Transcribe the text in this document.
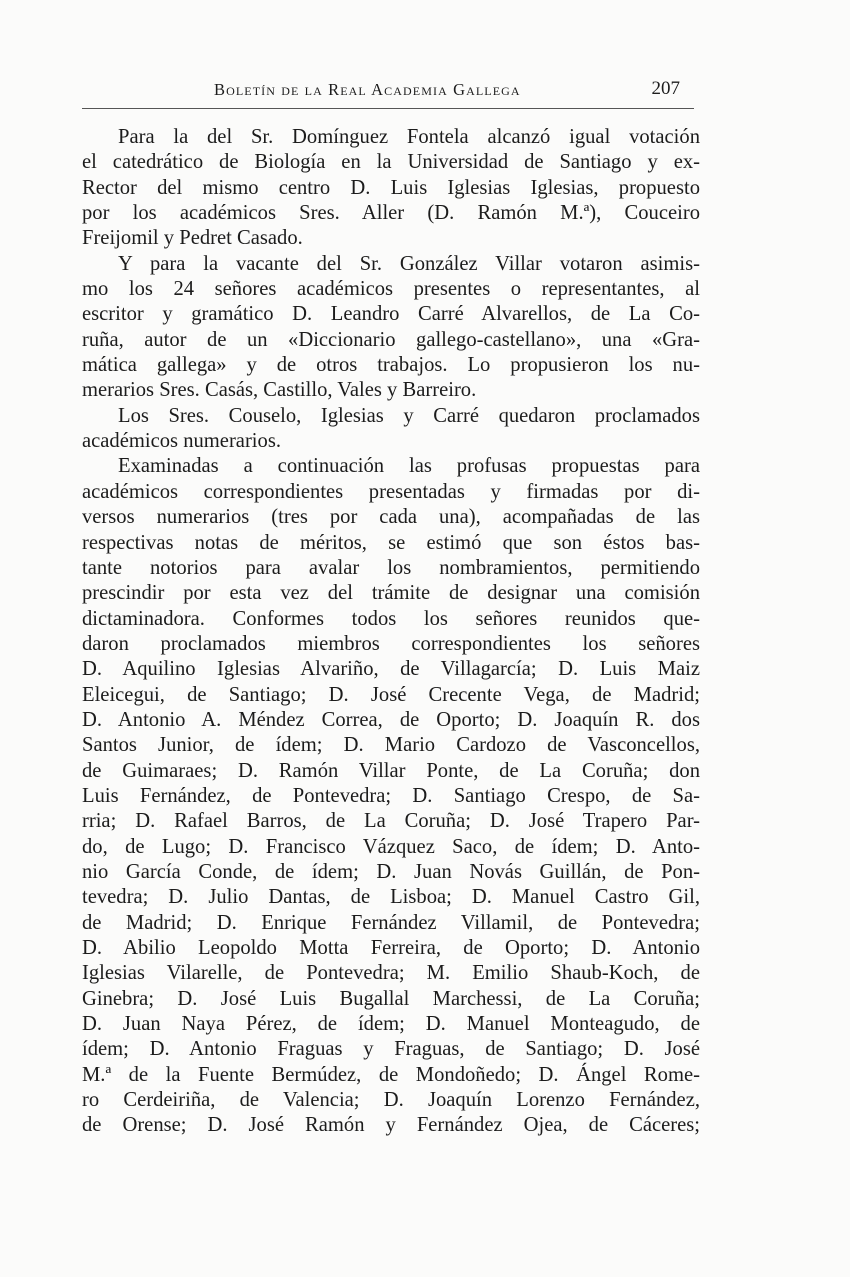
Boletín de la Real Academia Gallega	207

Para la del Sr. Domínguez Fontela alcanzó igual votación
el catedrático de Biología en la Universidad de Santiago y ex-
Rector del mismo centro D. Luis Iglesias Iglesias, propuesto
por los académicos Sres. Aller (D. Ramón M.ª), Couceiro
Freijomil y Pedret Casado.

Y para la vacante del Sr. González Villar votaron asimis-
mo los 24 señores académicos presentes o representantes, al
escritor y gramático D. Leandro Carré Alvarellos, de La Co-
ruña, autor de un «Diccionario gallego-castellano», una «Gra-
mática gallega» y de otros trabajos. Lo propusieron los nu-
merarios Sres. Casás, Castillo, Vales y Barreiro.

Los Sres. Couselo, Iglesias y Carré quedaron proclamados
académicos numerarios.

Examinadas a continuación las profusas propuestas para
académicos correspondientes presentadas y firmadas por di-
versos numerarios (tres por cada una), acompañadas de las
respectivas notas de méritos, se estimó que son éstos bas-
tante notorios para avalar los nombramientos, permitiendo
prescindir por esta vez del trámite de designar una comisión
dictaminadora. Conformes todos los señores reunidos que-
daron proclamados miembros correspondientes los señores
D. Aquilino Iglesias Alvariño, de Villagarcía; D. Luis Maiz
Eleicegui, de Santiago; D. José Crecente Vega, de Madrid;
D. Antonio A. Méndez Correa, de Oporto; D. Joaquín R. dos
Santos Junior, de ídem; D. Mario Cardozo de Vasconcellos,
de Guimaraes; D. Ramón Villar Ponte, de La Coruña; don
Luis Fernández, de Pontevedra; D. Santiago Crespo, de Sa-
rria; D. Rafael Barros, de La Coruña; D. José Trapero Par-
do, de Lugo; D. Francisco Vázquez Saco, de ídem; D. Anto-
nio García Conde, de ídem; D. Juan Novás Guillán, de Pon-
tevedra; D. Julio Dantas, de Lisboa; D. Manuel Castro Gil,
de Madrid; D. Enrique Fernández Villamil, de Pontevedra;
D. Abilio Leopoldo Motta Ferreira, de Oporto; D. Antonio
Iglesias Vilarelle, de Pontevedra; M. Emilio Shaub-Koch, de
Ginebra; D. José Luis Bugallal Marchessi, de La Coruña;
D. Juan Naya Pérez, de ídem; D. Manuel Monteagudo, de
ídem; D. Antonio Fraguas y Fraguas, de Santiago; D. José
M.ª de la Fuente Bermúdez, de Mondoñedo; D. Ángel Rome-
ro Cerdeiriña, de Valencia; D. Joaquín Lorenzo Fernández,
de Orense; D. José Ramón y Fernández Ojea, de Cáceres;
